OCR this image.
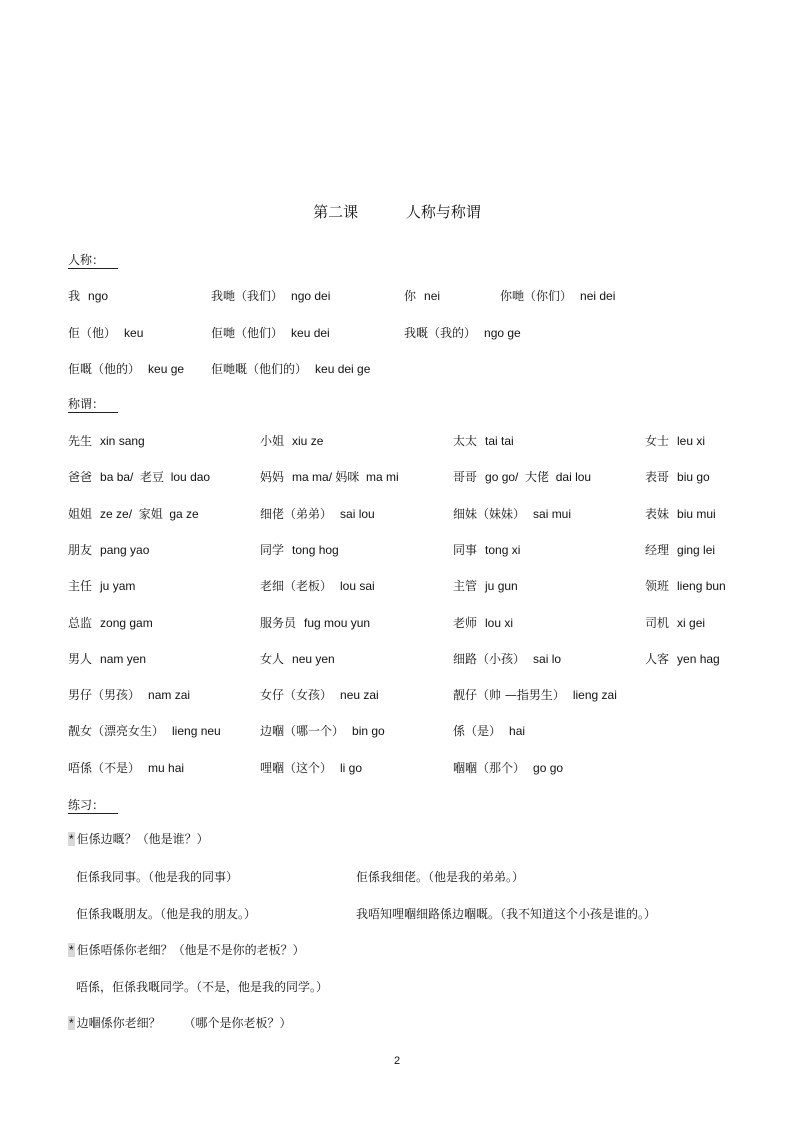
第二课          人称与称谓
人称：
我 ngo	我哋（我们） ngo dei	你 nei	你哋（你们） nei dei
佢（他） keu	佢哋（他们） keu dei	我嘅（我的） ngo ge
佢嘅（他的） keu ge 佢哋嘅（他们的） keu dei ge
称谓：
先生 xin sang	小姐 xiu ze	太太 tai tai	女士 leu xi
爸爸 ba ba/  老豆  lou dao	妈妈 ma ma/ 妈咪  ma mi	哥哥 go go/  大佬  dai lou	表哥 biu go
姐姐 ze ze/  家姐  ga ze	细佬（弟弟） sai lou	细妹（妹妹） sai mui	表妹 biu mui
朋友 pang yao	同学 tong hog	同事 tong xi	经理 ging lei
主任 ju yam	老细（老板） lou sai	主管 ju gun	领班 lieng bun
总监 zong gam	服务员 fug mou yun	老师 lou xi	司机 xi gei
男人 nam yen	女人 neu yen	细路（小孩） sai lo	人客 yen hag
男仔（男孩） nam zai	女仔（女孩） neu zai	靓仔（帅 —指男生） lieng zai
靓女（漂亮女生） lieng neu	边嗰（哪一个） bin go	係（是） hai
唔係（不是） mu hai	哩嗰（这个） li go	嗰嗰（那个） go go
练习：
* 佢係边嘅？（他是谁？）
佢係我同事。（他是我的同事）	佢係我细佬。（他是我的弟弟。）
佢係我嘅朋友。（他是我的朋友。）	我唔知哩嗰细路係边嗰嘅。（我不知道这个小孩是谁的。）
* 佢係唔係你老细？（他是不是你的老板？）
唔係，佢係我嘅同学。（不是，他是我的同学。）
* 边嗰係你老细？      （哪个是你老板？）
2
